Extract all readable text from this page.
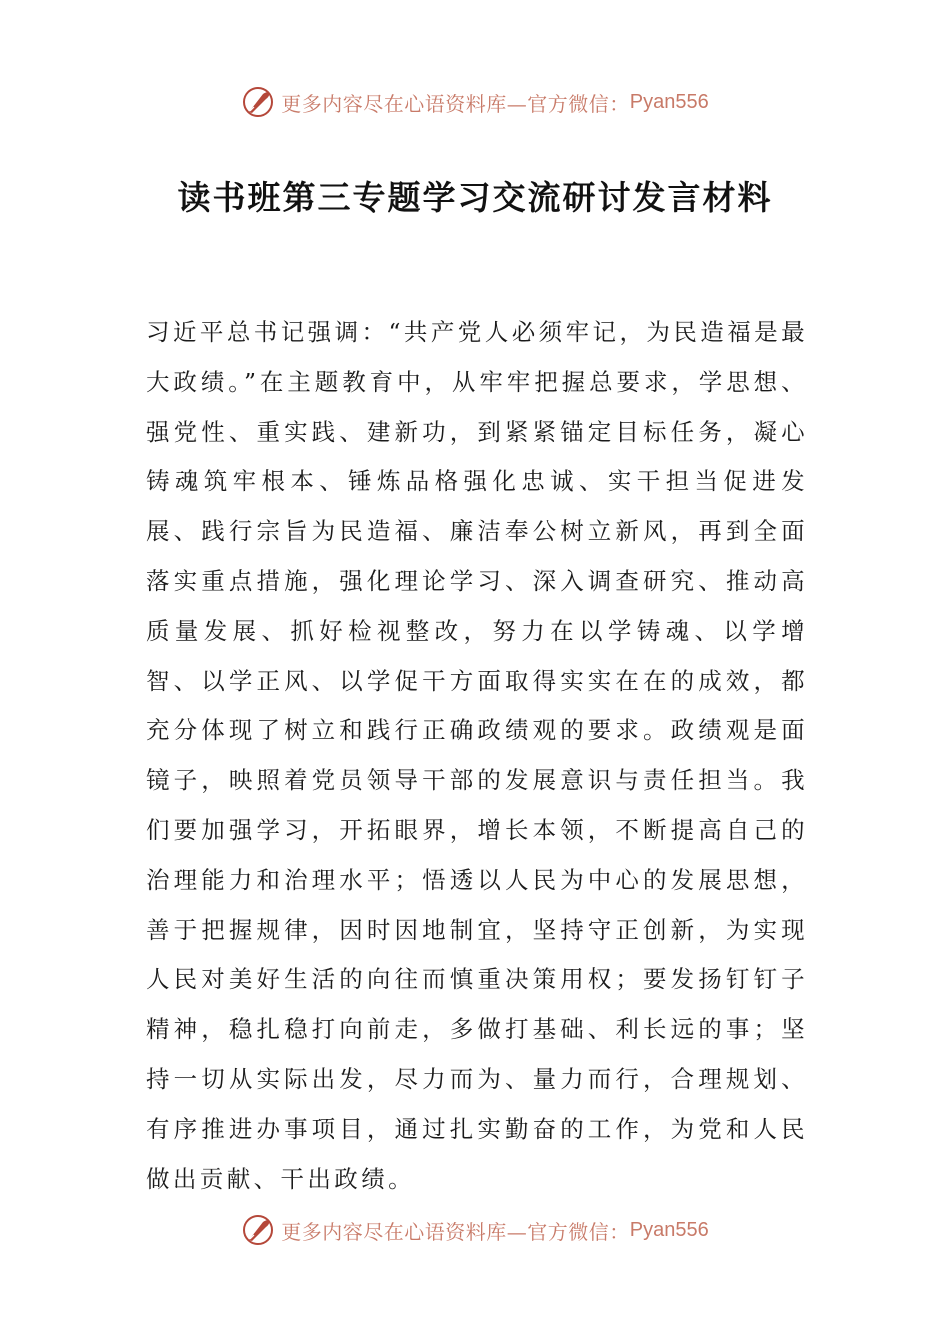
更多内容尽在心语资料库—官方微信： Pyan556
读书班第三专题学习交流研讨发言材料

习近平总书记强调：“共产党人必须牢记，为民造福是最大政绩。”在主题教育中，从牢牢把握总要求，学思想、强党性、重实践、建新功，到紧紧锚定目标任务，凝心铸魂筑牢根本、锤炼品格强化忠诚、实干担当促进发展、践行宗旨为民造福、廉洁奉公树立新风，再到全面落实重点措施，强化理论学习、深入调查研究、推动高质量发展、抓好检视整改，努力在以学铸魂、以学增智、以学正风、以学促干方面取得实实在在的成效，都充分体现了树立和践行正确政绩观的要求。政绩观是面镜子，映照着党员领导干部的发展意识与责任担当。我们要加强学习，开拓眼界，增长本领，不断提高自己的治理能力和治理水平；悟透以人民为中心的发展思想，善于把握规律，因时因地制宜，坚持守正创新，为实现人民对美好生活的向往而慎重决策用权；要发扬钉钉子精神，稳扎稳打向前走，多做打基础、利长远的事；坚持一切从实际出发，尽力而为、量力而行，合理规划、有序推进办事项目，通过扎实勤奋的工作，为党和人民做出贡献、干出政绩。

更多内容尽在心语资料库—官方微信： Pyan556
